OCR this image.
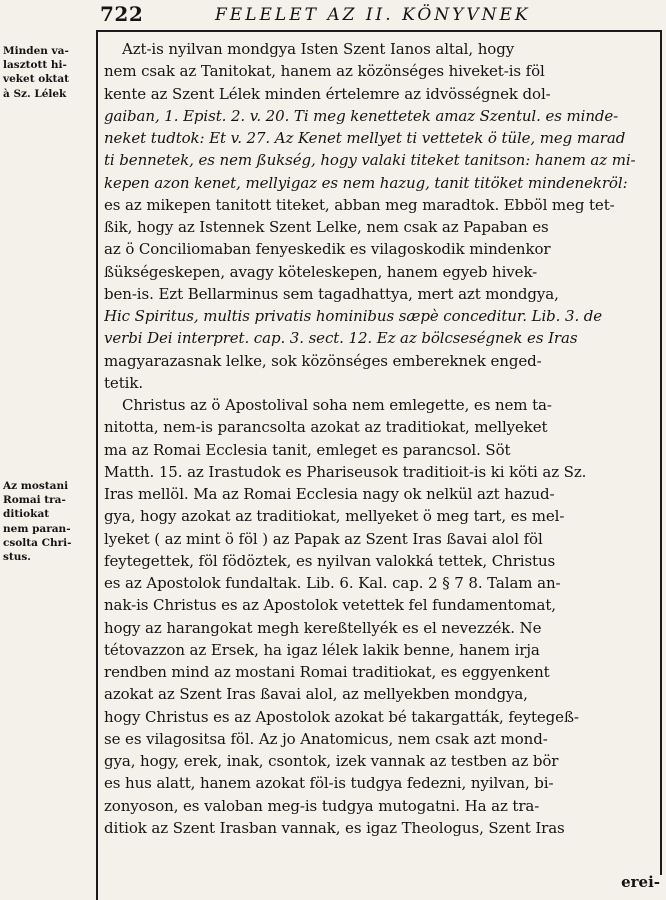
722	FELELET AZ II. KÖNYVNEK
Minden va-
lasztott hi-
veket oktat
à Sz. Lélek
Az mostani
Romai tra-
ditiokat
nem paran-
csolta Chri-
stus.
Azt-is nyilvan mondgya Isten Szent Ianos altal, hogy
nem csak az Tanitokat, hanem az közönséges hiveket-is föl
kente az Szent Lélek minden értelemre az idvösségnek dol-
gaiban, 1. Epist. 2. v. 20. Ti meg kenettetek amaz Szentul. es minde-
neket tudtok: Et v. 27. Az Kenet mellyet ti vettetek ö tüle, meg marad
ti bennetek, es nem ßukség, hogy valaki titeket tanitson: hanem az mi-
kepen azon kenet, mellyigaz es nem hazug, tanit titöket mindenekröl:
es az mikepen tanitott titeket, abban meg maradtok. Ebböl meg tet-
ßik, hogy az Istennek Szent Lelke, nem csak az Papaban es
az ö Conciliomaban fenyeskedik es vilagoskodik mindenkor
ßükségeskepen, avagy köteleskepen, hanem egyeb hivek-
ben-is. Ezt Bellarminus sem tagadhattya, mert azt mondgya,
Hic Spiritus, multis privatis hominibus sæpè conceditur. Lib. 3. de
verbi Dei interpret. cap. 3. sect. 12. Ez az bölcseségnek es Iras
magyarazasnak lelke, sok közönséges embereknek enged-
tetik.
Christus az ö Apostolival soha nem emlegette, es nem ta-
nitotta, nem-is parancsolta azokat az traditiokat, mellyeket
ma az Romai Ecclesia tanit, emleget es parancsol. Söt
Matth. 15. az Irastudok es Phariseusok traditioit-is ki köti az Sz.
Iras mellöl. Ma az Romai Ecclesia nagy ok nelkül azt hazud-
gya, hogy azokat az traditiokat, mellyeket ö meg tart, es mel-
lyeket ( az mint ö föl ) az Papak az Szent Iras ßavai alol föl
feytegettek, föl födöztek, es nyilvan valokká tettek, Christus
es az Apostolok fundaltak. Lib. 6. Kal. cap. 2 § 7 8. Talam an-
nak-is Christus es az Apostolok vetettek fel fundamentomat,
hogy az harangokat megh kereßtellyék es el nevezzék. Ne
tétovazzon az Ersek, ha igaz lélek lakik benne, hanem irja
rendben mind az mostani Romai traditiokat, es eggyenkent
azokat az Szent Iras ßavai alol, az mellyekben mondgya,
hogy Christus es az Apostolok azokat bé takargatták, feytegeß-
se es vilagositsa föl. Az jo Anatomicus, nem csak azt mond-
gya, hogy, erek, inak, csontok, izek vannak az testben az bör
es hus alatt, hanem azokat föl-is tudgya fedezni, nyilvan, bi-
zonyoson, es valoban meg-is tudgya mutogatni. Ha az tra-
ditiok az Szent Irasban vannak, es igaz Theologus, Szent Iras
erei-
